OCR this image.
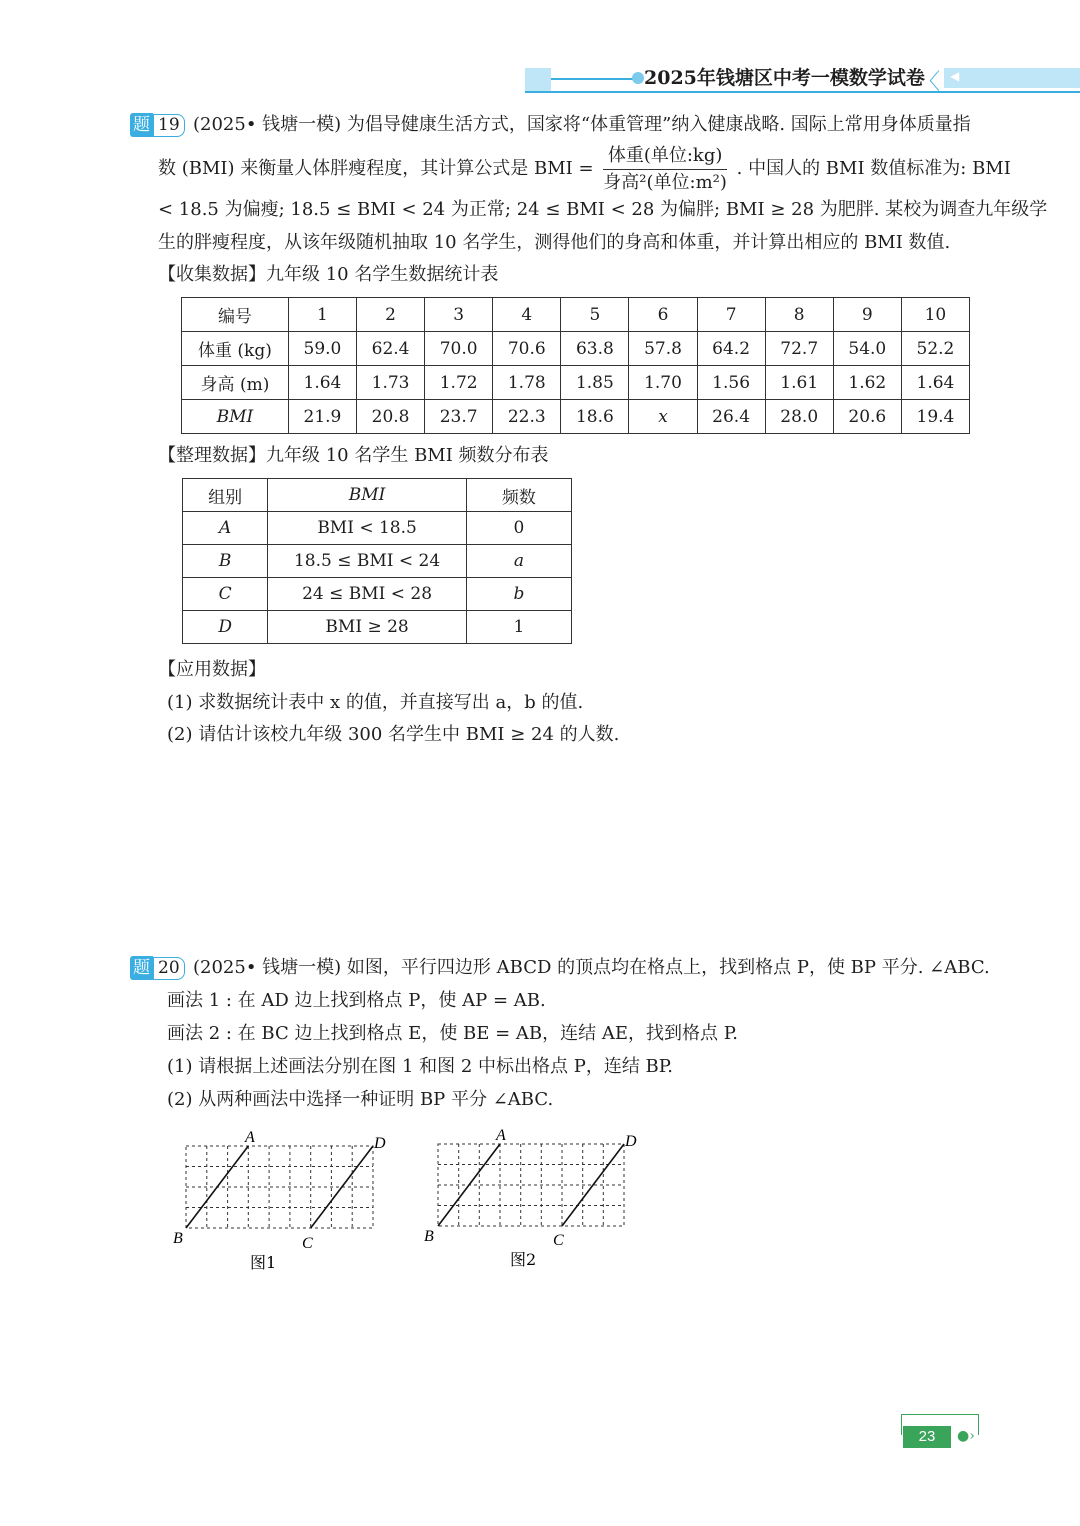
2025年钱塘区中考一模数学试卷
〈 ◀
题 19 (2025• 钱塘一模) 为倡导健康生活方式，国家将“体重管理”纳入健康战略. 国际上常用身体质量指
数 (BMI) 来衡量人体胖瘦程度，其计算公式是 BMI = $\frac{\text{体重(单位:kg)}}{\text{身高²(单位:m²)}}$ . 中国人的 BMI 数值标准为: BMI
< 18.5 为偏瘦; 18.5 ≤ BMI < 24 为正常; 24 ≤ BMI < 28 为偏胖; BMI ≥ 28 为肥胖. 某校为调查九年级学
生的胖瘦程度，从该年级随机抽取 10 名学生，测得他们的身高和体重，并计算出相应的 BMI 数值.
【收集数据】九年级 10 名学生数据统计表
编号	1	2	3	4	5	6	7	8	9	10
体重 (kg)	59.0	62.4	70.0	70.6	63.8	57.8	64.2	72.7	54.0	52.2
身高 (m)	1.64	1.73	1.72	1.78	1.85	1.70	1.56	1.61	1.62	1.64
BMI	21.9	20.8	23.7	22.3	18.6	x	26.4	28.0	20.6	19.4
【整理数据】九年级 10 名学生 BMI 频数分布表
组别	BMI	频数
A	BMI < 18.5	0
B	18.5 ≤ BMI < 24	a
C	24 ≤ BMI < 28	b
D	BMI ≥ 28	1
【应用数据】
(1) 求数据统计表中 x 的值，并直接写出 a，b 的值.
(2) 请估计该校九年级 300 名学生中 BMI ≥ 24 的人数.
题 20 (2025• 钱塘一模) 如图，平行四边形 ABCD 的顶点均在格点上，找到格点 P，使 BP 平分. ∠ABC.
画法 1 : 在 AD 边上找到格点 P，使 AP = AB.
画法 2 : 在 BC 边上找到格点 E，使 BE = AB，连结 AE，找到格点 P.
(1) 请根据上述画法分别在图 1 和图 2 中标出格点 P，连结 BP.
(2) 从两种画法中选择一种证明 BP 平分 ∠ABC.
A	D
B	C
图1
A	D
B	C
图2
23	●›
